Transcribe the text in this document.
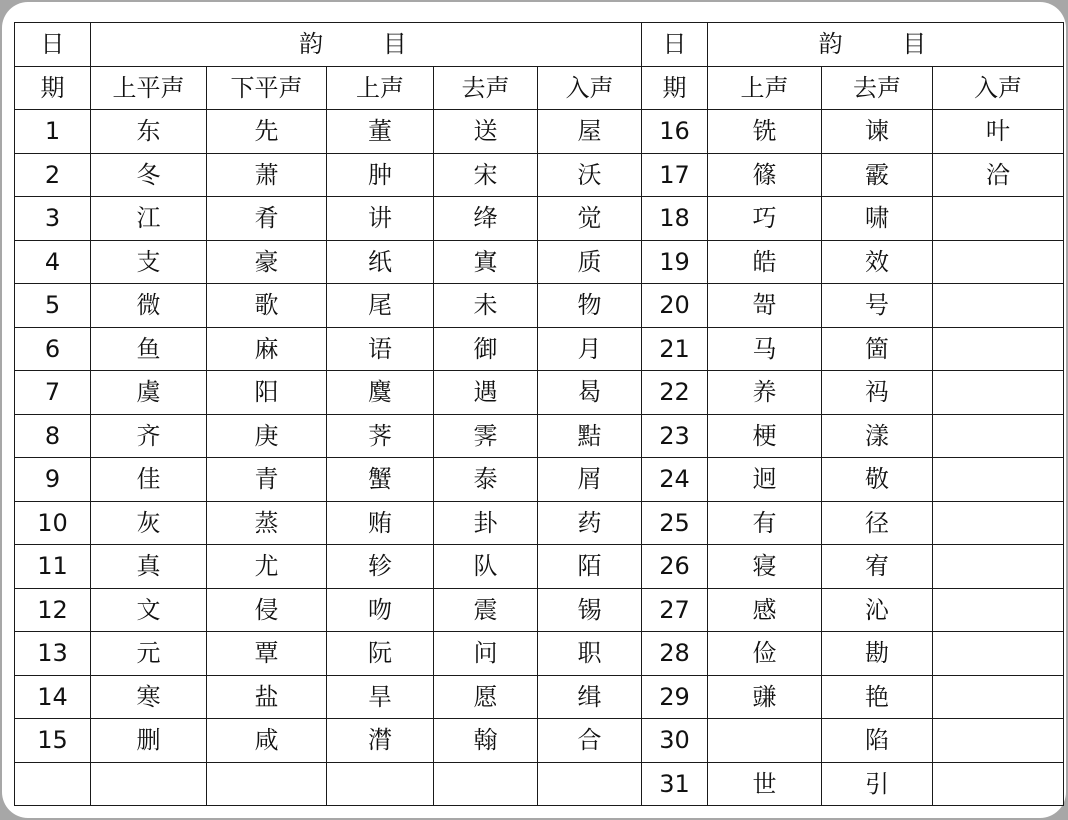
日	韵 目					日	韵 目		
期	上平声	下平声	上声	去声	入声	期	上声	去声	入声
1	东	先	董	送	屋	16	铣	谏	叶
2	冬	萧	肿	宋	沃	17	篠	霰	洽
3	江	肴	讲	绛	觉	18	巧	啸	
4	支	豪	纸	寘	质	19	皓	效	
5	微	歌	尾	未	物	20	哿	号	
6	鱼	麻	语	御	月	21	马	箇	
7	虞	阳	麌	遇	曷	22	养	祃	
8	齐	庚	荠	霁	黠	23	梗	漾	
9	佳	青	蟹	泰	屑	24	迥	敬	
10	灰	蒸	贿	卦	药	25	有	径	
11	真	尤	轸	队	陌	26	寝	宥	
12	文	侵	吻	震	锡	27	感	沁	
13	元	覃	阮	问	职	28	俭	勘	
14	寒	盐	旱	愿	缉	29	豏	艳	
15	删	咸	潸	翰	合	30		陷	
						31	世	引	
